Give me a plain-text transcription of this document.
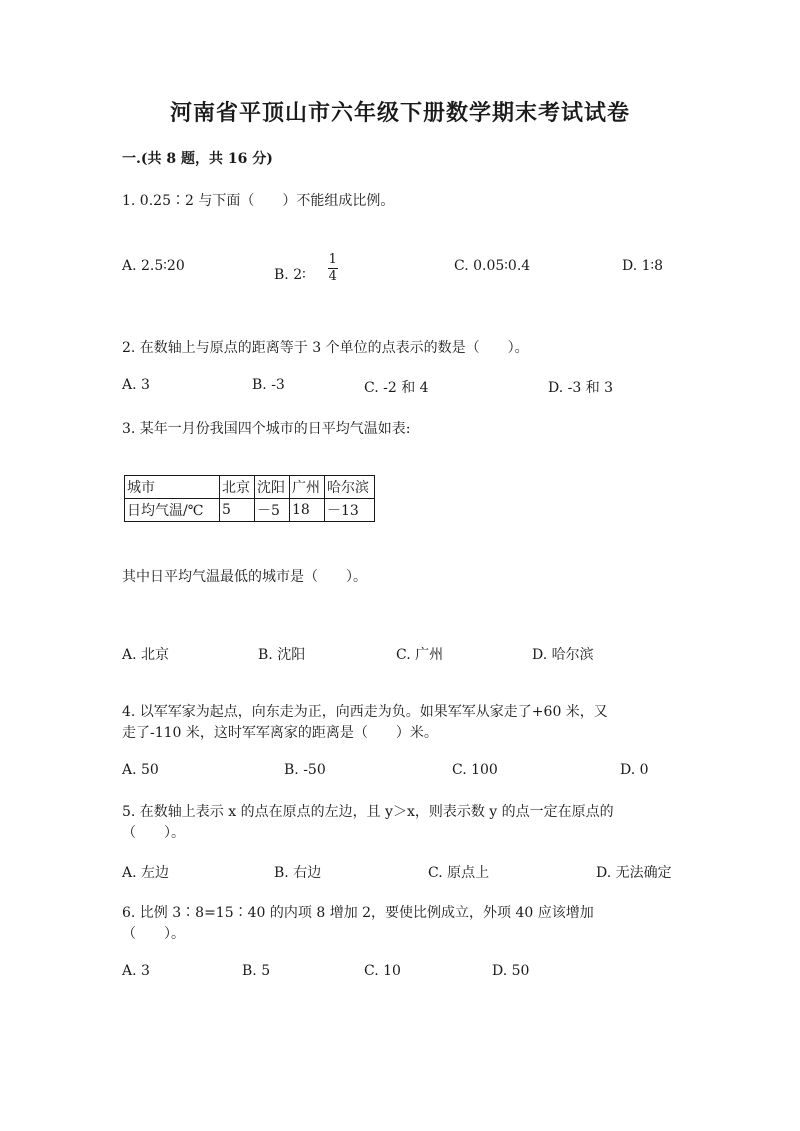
河南省平顶山市六年级下册数学期末考试试卷
一.(共 8 题，共 16 分)
1. 0.25∶2 与下面（　　）不能组成比例。
A. 2.5∶20
B. 2∶ $\frac{1}{4}$	C. 0.05∶0.4	D. 1∶8
2. 在数轴上与原点的距离等于 3 个单位的点表示的数是（　　）。
A. 3	B. -3	C. -2 和 4	D. -3 和 3
3. 某年一月份我国四个城市的日平均气温如表:
城市	北京	沈阳	广州	哈尔滨
日均气温/℃	5	－5	18	－13
其中日平均气温最低的城市是（　　）。
A. 北京	B. 沈阳	C. 广州	D. 哈尔滨
4. 以军军家为起点，向东走为正，向西走为负。如果军军从家走了+60 米，又
走了-110 米，这时军军离家的距离是（　　）米。
A. 50	B. -50	C. 100	D. 0
5. 在数轴上表示 x 的点在原点的左边，且 y＞x，则表示数 y 的点一定在原点的
（　　）。
A. 左边	B. 右边	C. 原点上	D. 无法确定
6. 比例 3∶8=15∶40 的内项 8 增加 2，要使比例成立，外项 40 应该增加
（　　）。
A. 3	B. 5	C. 10	D. 50
